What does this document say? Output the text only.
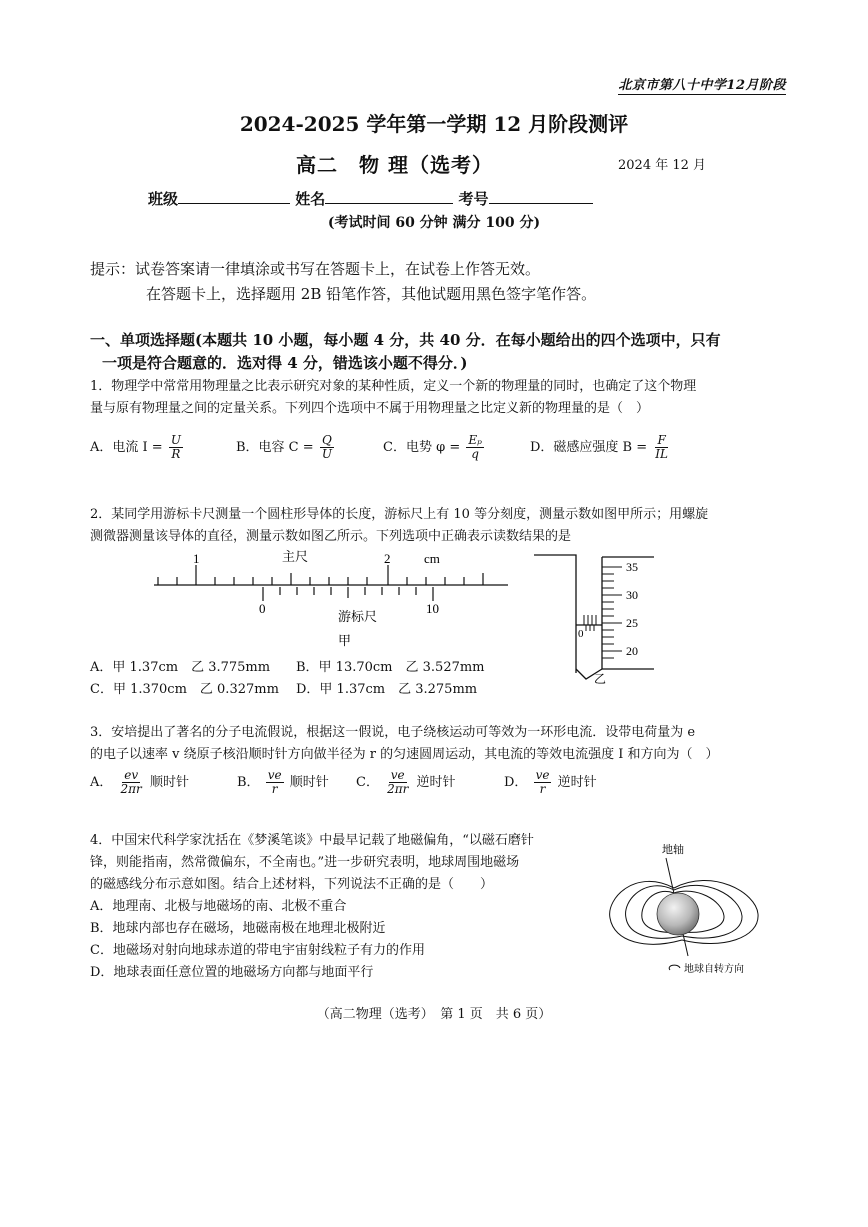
北京市第八十中学12月阶段
2024-2025 学年第一学期 12 月阶段测评
高二　物 理（选考）	2024 年 12 月
班级	姓名	考号
(考试时间 60 分钟 满分 100 分)
提示：试卷答案请一律填涂或书写在答题卡上，在试卷上作答无效。
在答题卡上，选择题用 2B 铅笔作答，其他试题用黑色签字笔作答。
一、单项选择题(本题共 10 小题，每小题 4 分，共 40 分．在每小题给出的四个选项中，只有
一项是符合题意的．选对得 4 分，错选该小题不得分．)
1．物理学中常常用物理量之比表示研究对象的某种性质，定义一个新的物理量的同时，也确定了这个物理
量与原有物理量之间的定量关系。下列四个选项中不属于用物理量之比定义新的物理量的是（　）
A．电流 $I = \frac{U}{R}$	B．电容 $C = \frac{Q}{U}$	C．电势 $\varphi = \frac{\text{Eₚ}}{q}$	D．磁感应强度 $B = \frac{F}{IL}$
2．某同学用游标卡尺测量一个圆柱形导体的长度，游标尺上有 10 等分刻度，测量示数如图甲所示；用螺旋
测微器测量该导体的直径，测量示数如图乙所示。下列选项中正确表示读数结果的是
1	2
主尺	cm
0	10
游标尺
甲
35
30
25
20
0
乙
A．甲 1.37cm　乙 3.775mm B．甲 13.70cm　乙 3.527mm
C．甲 1.370cm　乙 0.327mm D．甲 1.37cm　乙 3.275mm
3．安培提出了著名的分子电流假说，根据这一假说，电子绕核运动可等效为一环形电流．设带电荷量为 e
的电子以速率 v 绕原子核沿顺时针方向做半径为 r 的匀速圆周运动，其电流的等效电流强度 I 和方向为（　）
A． $\frac{ev}{2\pi r}$ 顺时针	B． $\frac{ve}{r}$ 顺时针 C． $\frac{ve}{2\pi r}$ 逆时针	D． $\frac{ve}{r}$ 逆时针
4．中国宋代科学家沈括在《梦溪笔谈》中最早记载了地磁偏角，“以磁石磨针
锋，则能指南，然常微偏东，不全南也。”进一步研究表明，地球周围地磁场
的磁感线分布示意如图。结合上述材料，下列说法不正确的是（　　）
A．地理南、北极与地磁场的南、北极不重合
B．地球内部也存在磁场，地磁南极在地理北极附近
C．地磁场对射向地球赤道的带电宇宙射线粒子有力的作用
D．地球表面任意位置的地磁场方向都与地面平行
地轴
地球自转方向
（高二物理（选考）　第 1 页　共 6 页）
